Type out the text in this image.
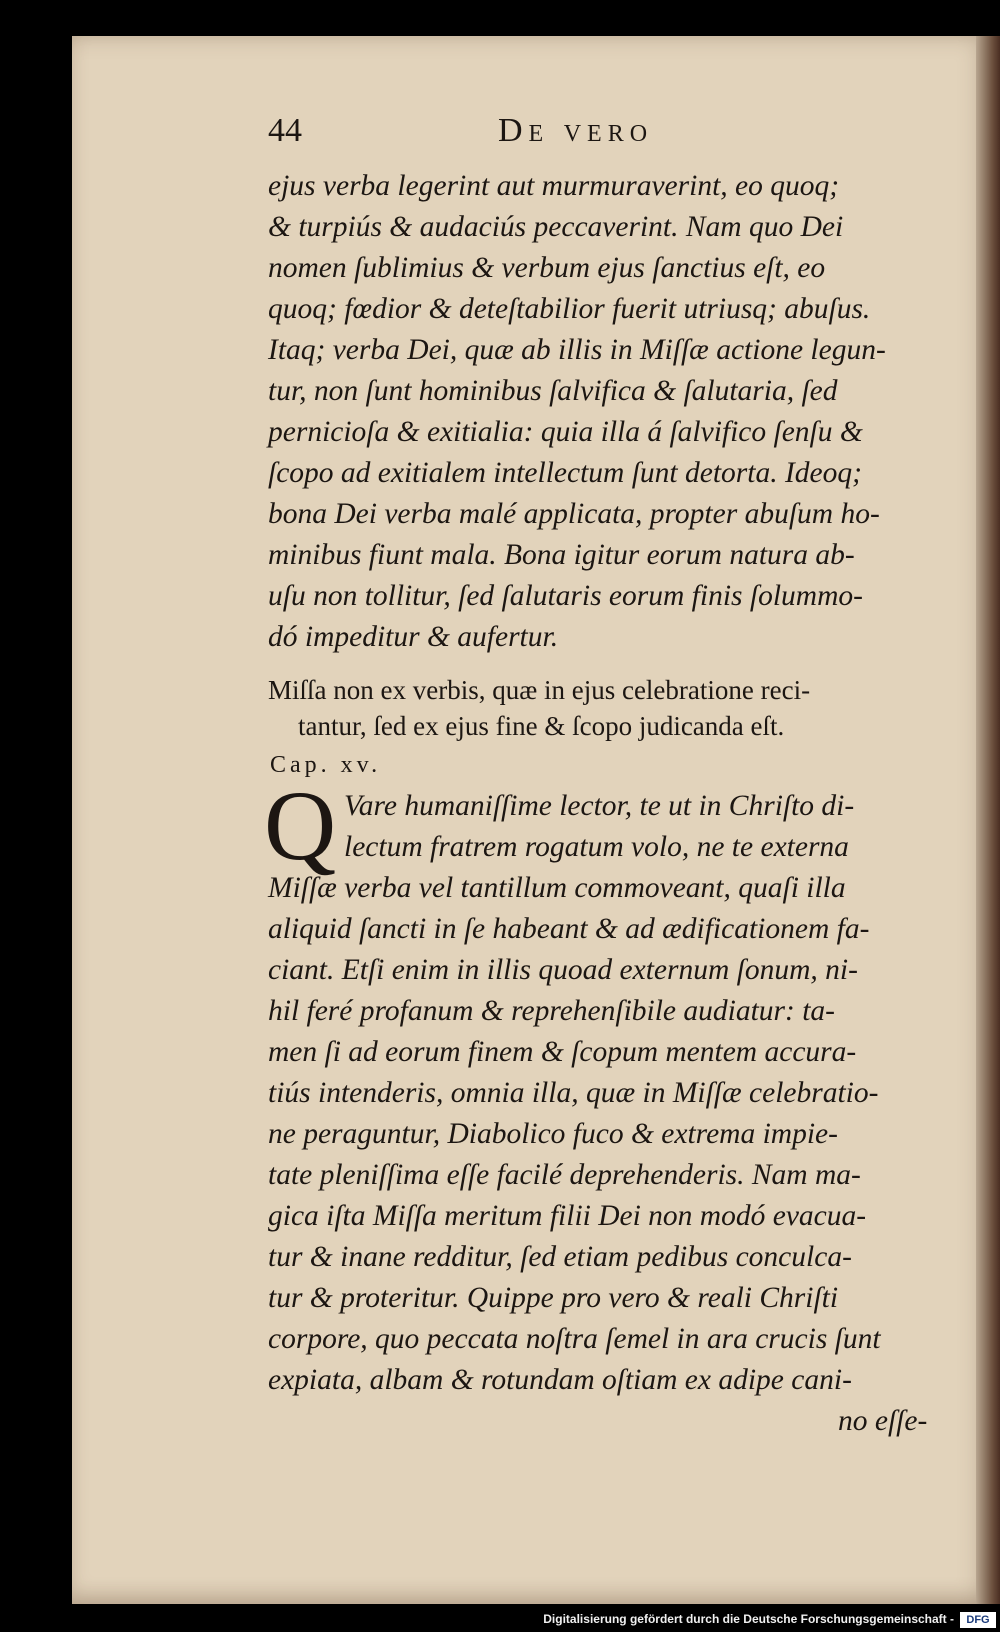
44	De vero
ejus verba legerint aut murmuraverint, eo quoq;
& turpiús & audaciús peccaverint. Nam quo Dei
nomen ſublimius & verbum ejus ſanctius eſt, eo
quoq; fœdior & deteſtabilior fuerit utriusq; abuſus.
Itaq; verba Dei, quæ ab illis in Miſſæ actione legun-
tur, non ſunt hominibus ſalvifica & ſalutaria, ſed
pernicioſa & exitialia: quia illa á ſalvifico ſenſu &
ſcopo ad exitialem intellectum ſunt detorta. Ideoq;
bona Dei verba malé applicata, propter abuſum ho-
minibus fiunt mala. Bona igitur eorum natura ab-
uſu non tollitur, ſed ſalutaris eorum finis ſolummo-
dó impeditur & aufertur.
Miſſa non ex verbis, quæ in ejus celebratione reci-
tantur, ſed ex ejus fine & ſcopo judicanda eſt.
Cap. xv.
Q Vare humaniſſime lector, te ut in Chriſto di-
lectum fratrem rogatum volo, ne te externa
Miſſæ verba vel tantillum commoveant, quaſi illa
aliquid ſancti in ſe habeant & ad ædificationem fa-
ciant. Etſi enim in illis quoad externum ſonum, ni-
hil feré profanum & reprehenſibile audiatur: ta-
men ſi ad eorum finem & ſcopum mentem accura-
tiús intenderis, omnia illa, quæ in Miſſæ celebratio-
ne peraguntur, Diabolico fuco & extrema impie-
tate pleniſſima eſſe facilé deprehenderis. Nam ma-
gica iſta Miſſa meritum filii Dei non modó evacua-
tur & inane redditur, ſed etiam pedibus conculca-
tur & proteritur. Quippe pro vero & reali Chriſti
corpore, quo peccata noſtra ſemel in ara crucis ſunt
expiata, albam & rotundam oſtiam ex adipe cani-
no eſſe-
Digitalisierung gefördert durch die Deutsche Forschungsgemeinschaft -	DFG
